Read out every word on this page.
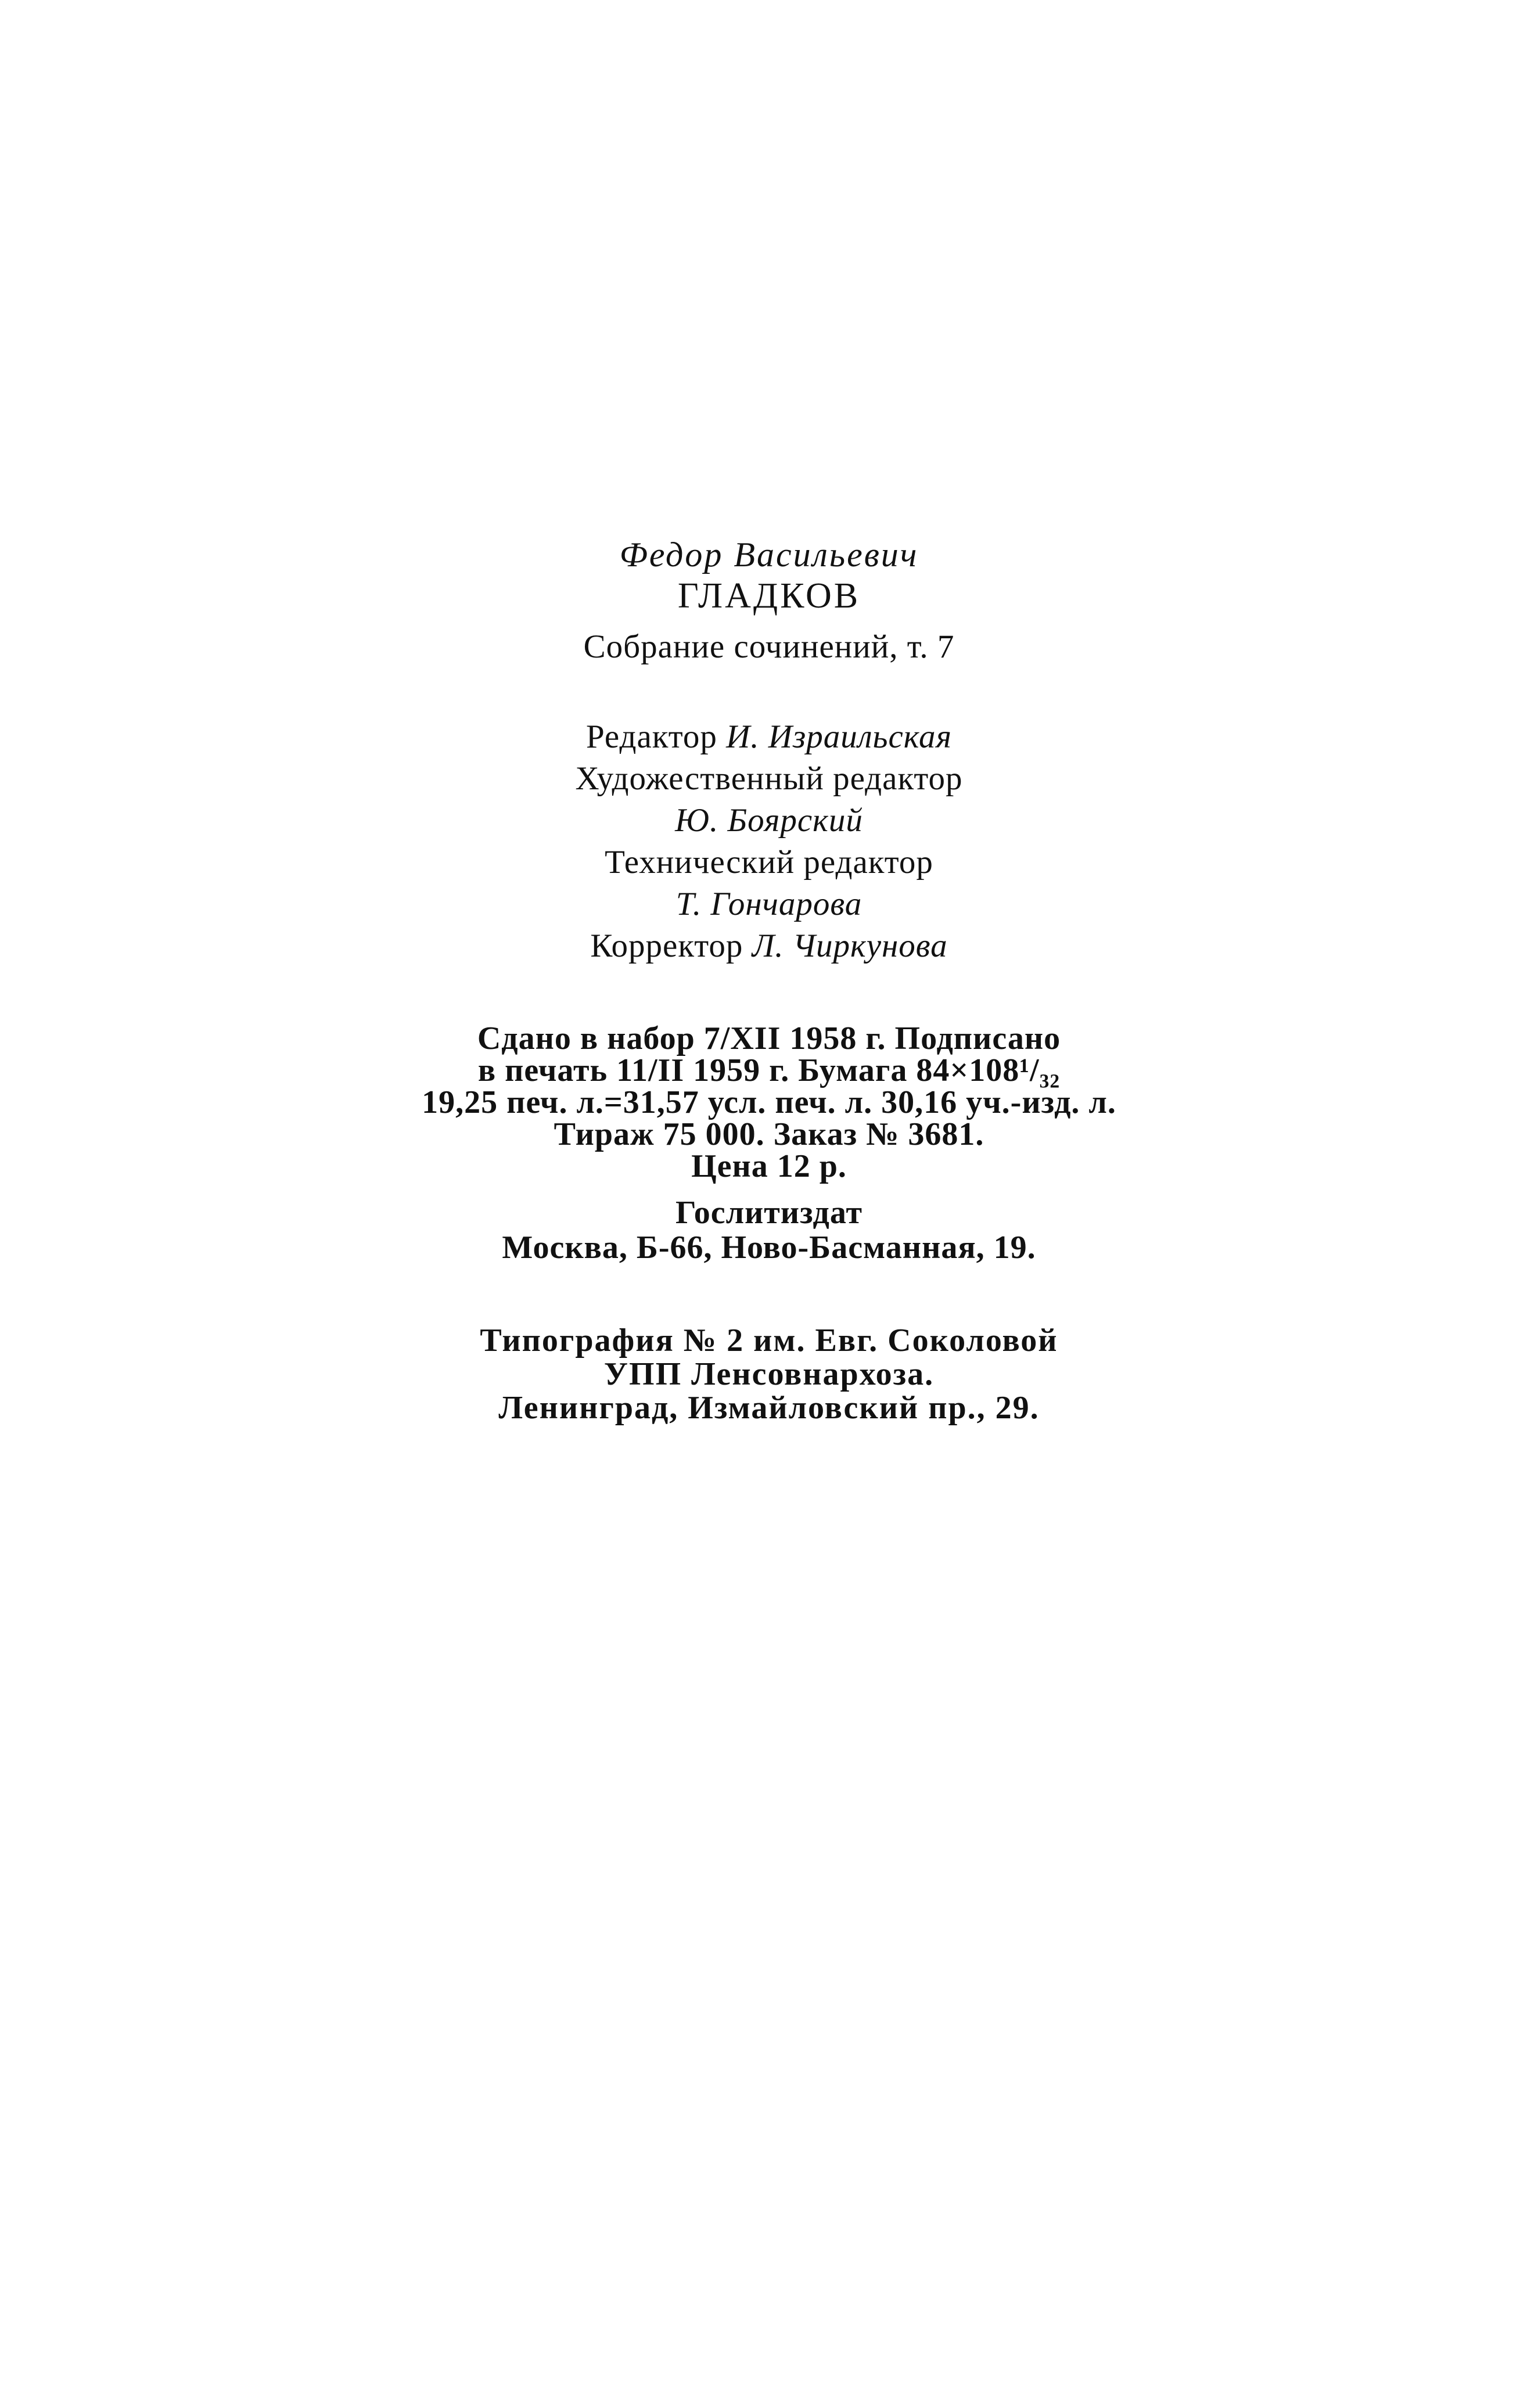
Федор Васильевич
ГЛАДКОВ
Собрание сочинений, т. 7
Редактор И. Израильская
Художественный редактор
Ю. Боярский
Технический редактор
Т. Гончарова
Корректор Л. Чиркунова
Сдано в набор 7/XII 1958 г. Подписано
в печать 11/II 1959 г. Бумага 84×108¹/₃₂
19,25 печ. л.=31,57 усл. печ. л. 30,16 уч.-изд. л.
Тираж 75 000. Заказ № 3681.
Цена 12 р.
Гослитиздат
Москва, Б-66, Ново-Басманная, 19.
Типография № 2 им. Евг. Соколовой
УПП Ленсовнархоза.
Ленинград, Измайловский пр., 29.
